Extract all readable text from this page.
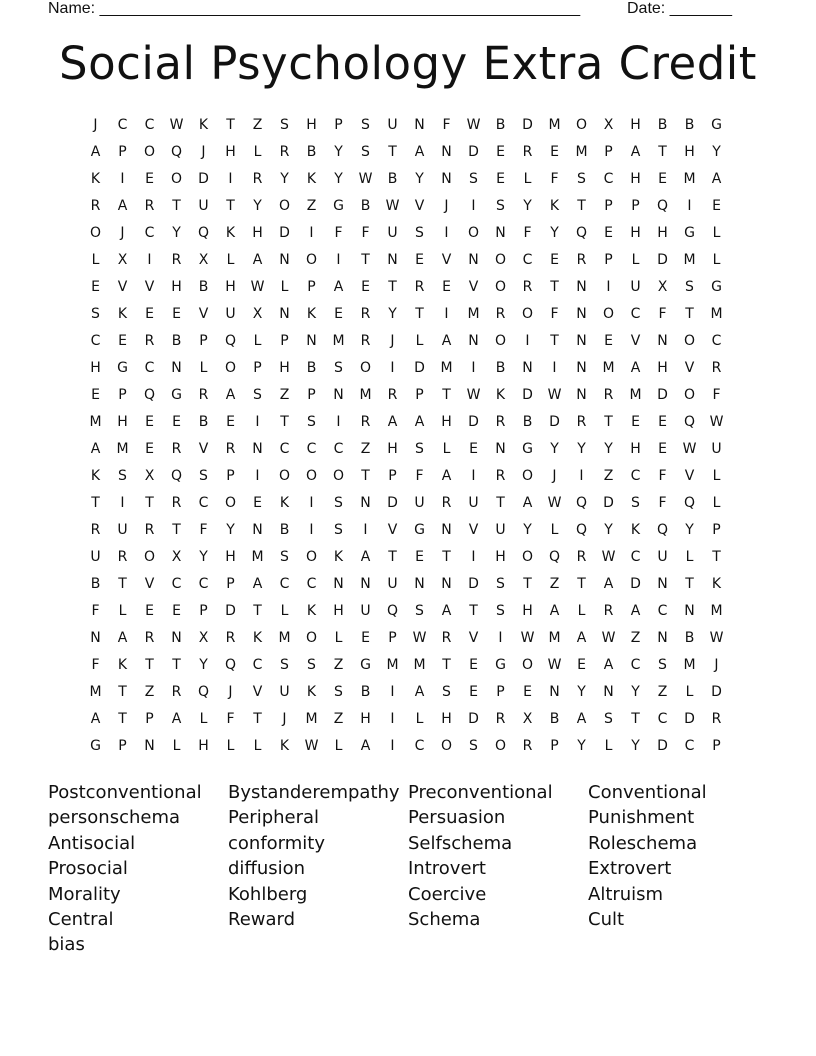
Name: ______________________________________________________	Date: _______
Social Psychology Extra Credit
J	C	C	W	K	T	Z	S	H	P	S	U	N	F	W	B	D	M	O	X	H	B	B	G
A	P	O	Q	J	H	L	R	B	Y	S	T	A	N	D	E	R	E	M	P	A	T	H	Y
K	I	E	O	D	I	R	Y	K	Y	W	B	Y	N	S	E	L	F	S	C	H	E	M	A
R	A	R	T	U	T	Y	O	Z	G	B	W	V	J	I	S	Y	K	T	P	P	Q	I	E
O	J	C	Y	Q	K	H	D	I	F	F	U	S	I	O	N	F	Y	Q	E	H	H	G	L
L	X	I	R	X	L	A	N	O	I	T	N	E	V	N	O	C	E	R	P	L	D	M	L
E	V	V	H	B	H	W	L	P	A	E	T	R	E	V	O	R	T	N	I	U	X	S	G
S	K	E	E	V	U	X	N	K	E	R	Y	T	I	M	R	O	F	N	O	C	F	T	M
C	E	R	B	P	Q	L	P	N	M	R	J	L	A	N	O	I	T	N	E	V	N	O	C
H	G	C	N	L	O	P	H	B	S	O	I	D	M	I	B	N	I	N	M	A	H	V	R
E	P	Q	G	R	A	S	Z	P	N	M	R	P	T	W	K	D	W	N	R	M	D	O	F
M	H	E	E	B	E	I	T	S	I	R	A	A	H	D	R	B	D	R	T	E	E	Q	W
A	M	E	R	V	R	N	C	C	C	Z	H	S	L	E	N	G	Y	Y	Y	H	E	W	U
K	S	X	Q	S	P	I	O	O	O	T	P	F	A	I	R	O	J	I	Z	C	F	V	L
T	I	T	R	C	O	E	K	I	S	N	D	U	R	U	T	A	W	Q	D	S	F	Q	L
R	U	R	T	F	Y	N	B	I	S	I	V	G	N	V	U	Y	L	Q	Y	K	Q	Y	P
U	R	O	X	Y	H	M	S	O	K	A	T	E	T	I	H	O	Q	R	W	C	U	L	T
B	T	V	C	C	P	A	C	C	N	N	U	N	N	D	S	T	Z	T	A	D	N	T	K
F	L	E	E	P	D	T	L	K	H	U	Q	S	A	T	S	H	A	L	R	A	C	N	M
N	A	R	N	X	R	K	M	O	L	E	P	W	R	V	I	W	M	A	W	Z	N	B	W
F	K	T	T	Y	Q	C	S	S	Z	G	M	M	T	E	G	O	W	E	A	C	S	M	J
M	T	Z	R	Q	J	V	U	K	S	B	I	A	S	E	P	E	N	Y	N	Y	Z	L	D
A	T	P	A	L	F	T	J	M	Z	H	I	L	H	D	R	X	B	A	S	T	C	D	R
G	P	N	L	H	L	L	K	W	L	A	I	C	O	S	O	R	P	Y	L	Y	D	C	P
Postconventional	Bystanderempathy Preconventional	Conventional
personschema	Peripheral	Persuasion	Punishment
Antisocial	conformity	Selfschema	Roleschema
Prosocial	diffusion	Introvert	Extrovert
Morality	Kohlberg	Coercive	Altruism
Central	Reward	Schema	Cult
bias
